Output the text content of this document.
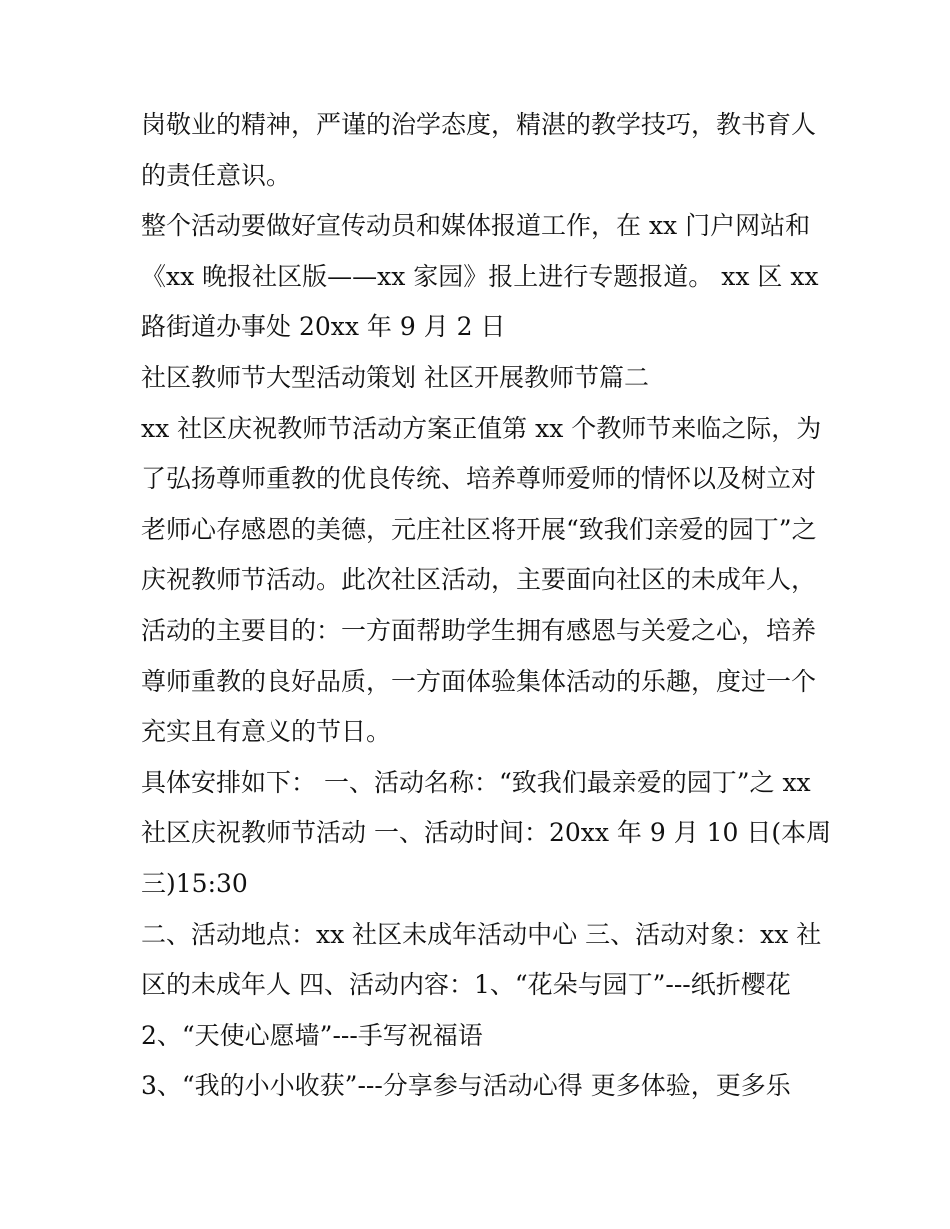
岗敬业的精神，严谨的治学态度，精湛的教学技巧，教书育人
的责任意识。
整个活动要做好宣传动员和媒体报道工作，在 xx 门户网站和
《xx 晚报社区版——xx 家园》报上进行专题报道。 xx 区 xx
路街道办事处 20xx 年 9 月 2 日
社区教师节大型活动策划 社区开展教师节篇二
xx 社区庆祝教师节活动方案正值第 xx 个教师节来临之际，为
了弘扬尊师重教的优良传统、培养尊师爱师的情怀以及树立对
老师心存感恩的美德，元庄社区将开展“致我们亲爱的园丁”之
庆祝教师节活动。此次社区活动，主要面向社区的未成年人，
活动的主要目的：一方面帮助学生拥有感恩与关爱之心，培养
尊师重教的良好品质，一方面体验集体活动的乐趣，度过一个
充实且有意义的节日。
具体安排如下： 一、活动名称：“致我们最亲爱的园丁”之 xx
社区庆祝教师节活动 一、活动时间：20xx 年 9 月 10 日(本周
三)15:30
二、活动地点：xx 社区未成年活动中心 三、活动对象：xx 社
区的未成年人 四、活动内容：1、“花朵与园丁”---纸折樱花
2、“天使心愿墙”---手写祝福语
3、“我的小小收获”---分享参与活动心得 更多体验，更多乐
